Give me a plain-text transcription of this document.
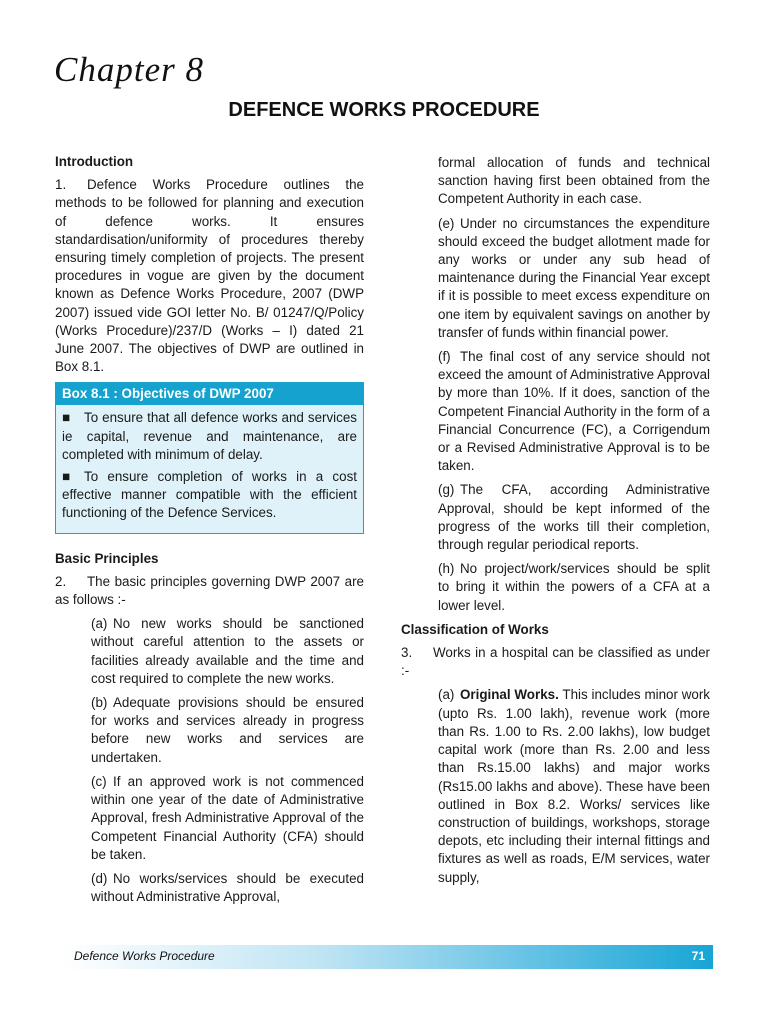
Chapter 8
DEFENCE WORKS PROCEDURE
Introduction

1. Defence Works Procedure outlines the methods to be followed for planning and execution of defence works. It ensures standardisation/uniformity of procedures thereby ensuring timely completion of projects. The present procedures in vogue are given by the document known as Defence Works Procedure, 2007 (DWP 2007) issued vide GOI letter No. B/ 01247/Q/Policy (Works Procedure)/237/D (Works – I) dated 21 June 2007. The objectives of DWP are outlined in Box 8.1.

Box 8.1 : Objectives of DWP 2007

■ To ensure that all defence works and services ie capital, revenue and maintenance, are completed with minimum of delay.

■ To ensure completion of works in a cost effective manner compatible with the efficient functioning of the Defence Services.

Basic Principles

2. The basic principles governing DWP 2007 are as follows :-

(a) No new works should be sanctioned without careful attention to the assets or facilities already available and the time and cost required to complete the new works.

(b) Adequate provisions should be ensured for works and services already in progress before new works and services are undertaken.

(c) If an approved work is not commenced within one year of the date of Administrative Approval, fresh Administrative Approval of the Competent Financial Authority (CFA) should be taken.

(d) No works/services should be executed without Administrative Approval,

formal allocation of funds and technical sanction having first been obtained from the Competent Authority in each case.

(e) Under no circumstances the expenditure should exceed the budget allotment made for any works or under any sub head of maintenance during the Financial Year except if it is possible to meet excess expenditure on one item by equivalent savings on another by transfer of funds within financial power.

(f) The final cost of any service should not exceed the amount of Administrative Approval by more than 10%. If it does, sanction of the Competent Financial Authority in the form of a Financial Concurrence (FC), a Corrigendum or a Revised Administrative Approval is to be taken.

(g) The CFA, according Administrative Approval, should be kept informed of the progress of the works till their completion, through regular periodical reports.

(h) No project/work/services should be split to bring it within the powers of a CFA at a lower level.

Classification of Works

3. Works in a hospital can be classified as under :-

(a) Original Works. This includes minor work (upto Rs. 1.00 lakh), revenue work (more than Rs. 1.00 to Rs. 2.00 lakhs), low budget capital work (more than Rs. 2.00 and less than Rs.15.00 lakhs) and major works (Rs15.00 lakhs and above). These have been outlined in Box 8.2. Works/ services like construction of buildings, workshops, storage depots, etc including their internal fittings and fixtures as well as roads, E/M services, water supply,

Defence Works Procedure	71
